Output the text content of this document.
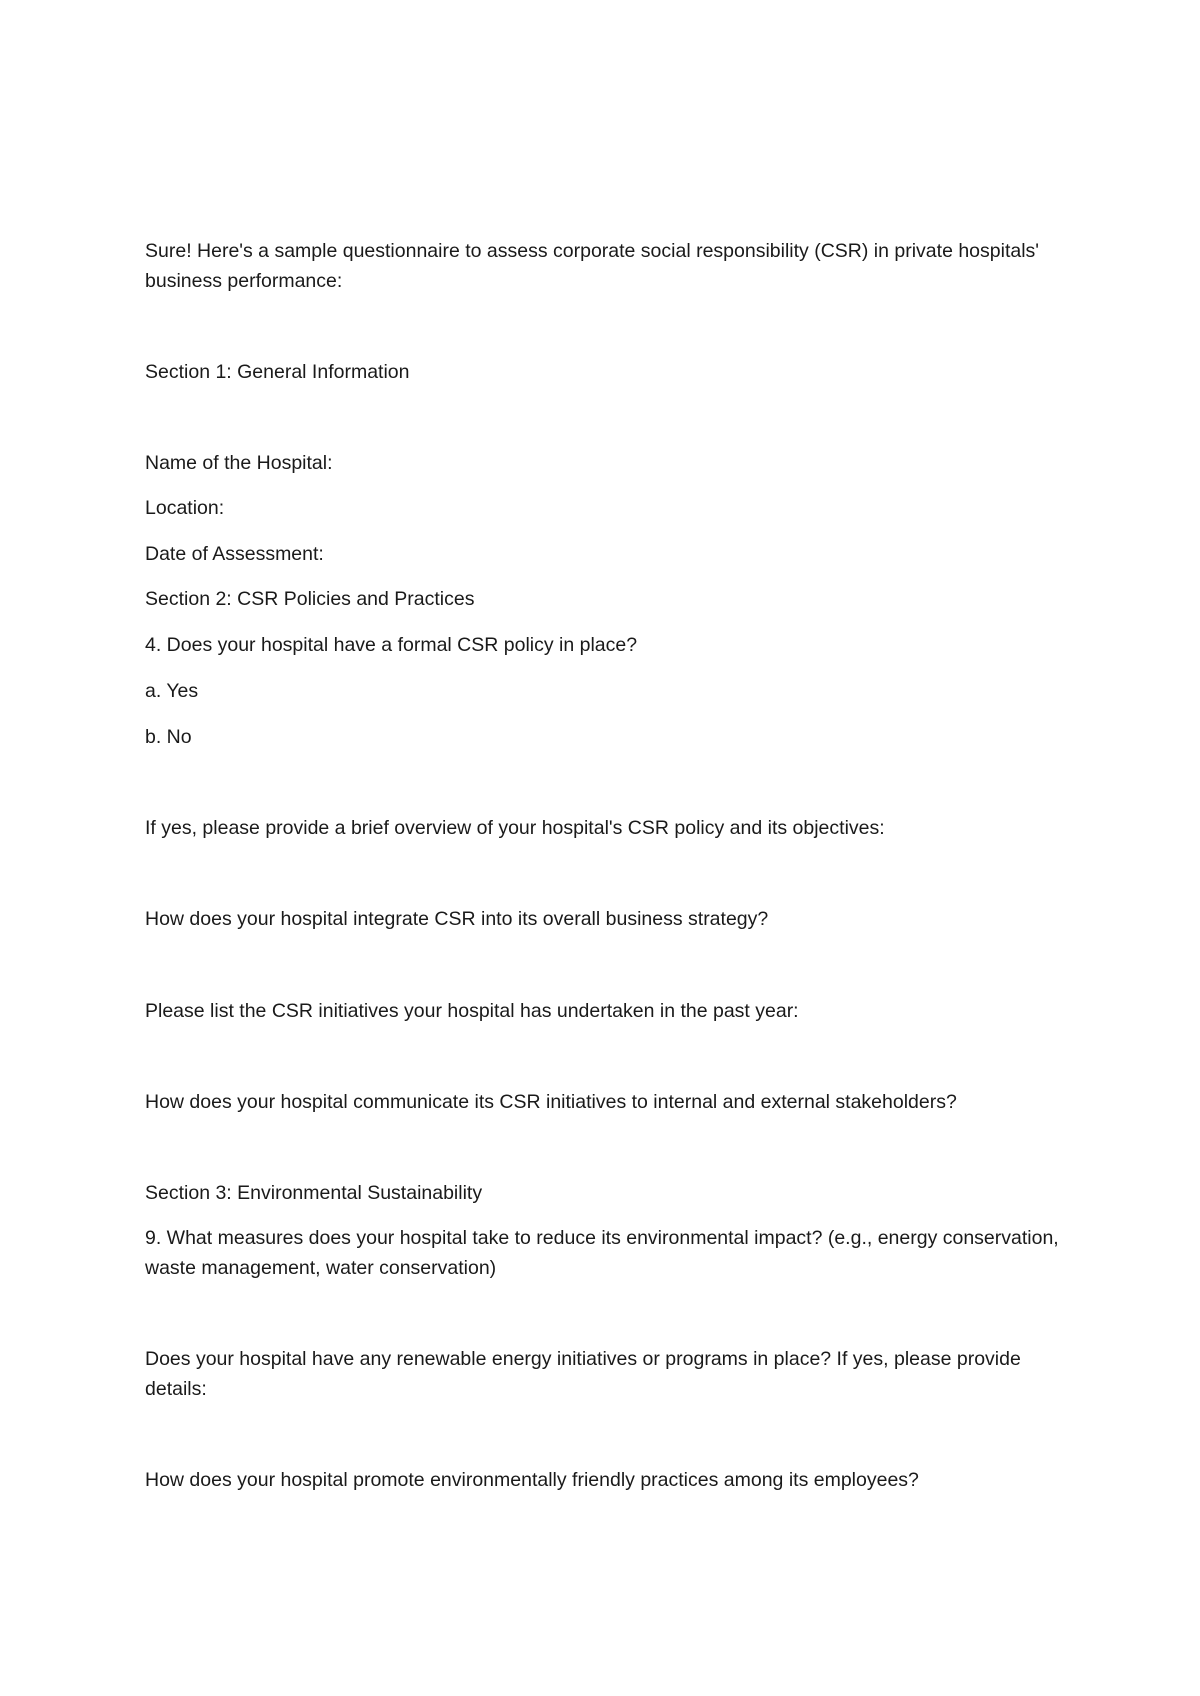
Sure! Here's a sample questionnaire to assess corporate social responsibility (CSR) in private hospitals' business performance:
Section 1: General Information
Name of the Hospital:
Location:
Date of Assessment:
Section 2: CSR Policies and Practices
4. Does your hospital have a formal CSR policy in place?
a. Yes
b. No
If yes, please provide a brief overview of your hospital's CSR policy and its objectives:
How does your hospital integrate CSR into its overall business strategy?
Please list the CSR initiatives your hospital has undertaken in the past year:
How does your hospital communicate its CSR initiatives to internal and external stakeholders?
Section 3: Environmental Sustainability
9. What measures does your hospital take to reduce its environmental impact? (e.g., energy conservation, waste management, water conservation)
Does your hospital have any renewable energy initiatives or programs in place? If yes, please provide details:
How does your hospital promote environmentally friendly practices among its employees?
